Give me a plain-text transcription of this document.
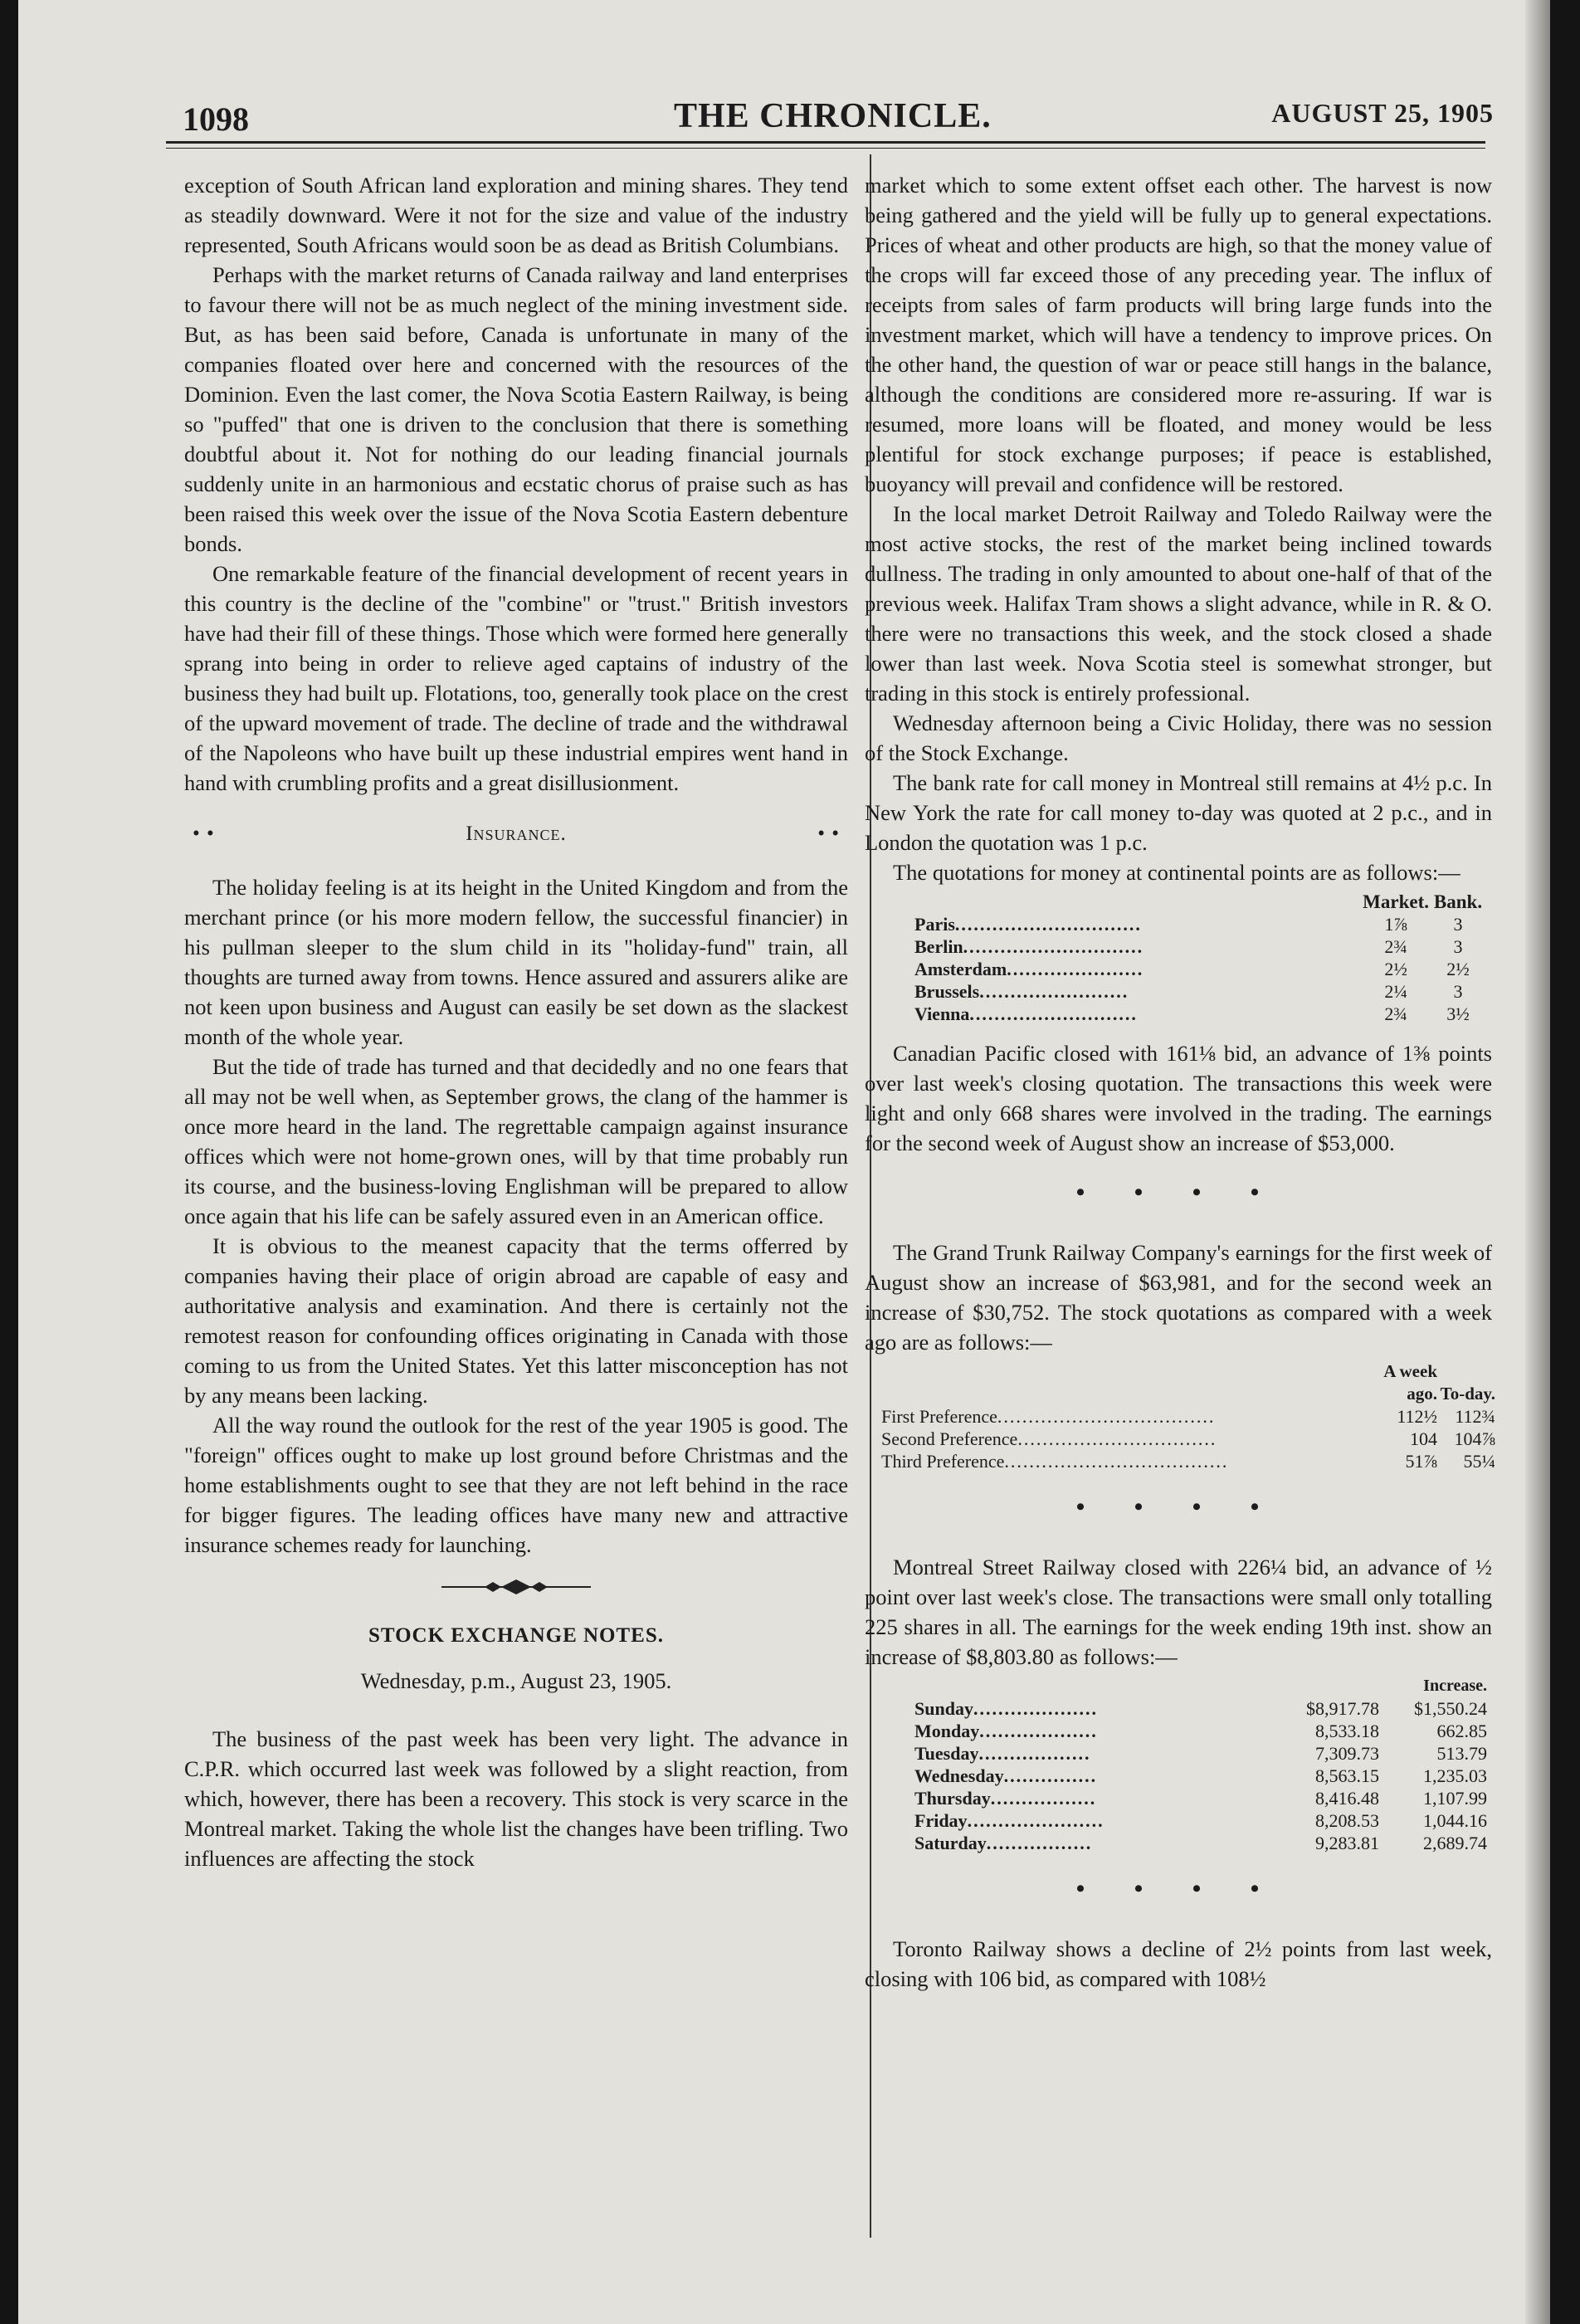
1098	THE CHRONICLE.	AUGUST 25, 1905

exception of South African land exploration and mining shares. They tend as steadily downward. Were it not for the size and value of the industry represented, South Africans would soon be as dead as British Columbians.

Perhaps with the market returns of Canada railway and land enterprises to favour there will not be as much neglect of the mining investment side. But, as has been said before, Canada is unfortunate in many of the companies floated over here and concerned with the resources of the Dominion. Even the last comer, the Nova Scotia Eastern Railway, is being so "puffed" that one is driven to the conclusion that there is something doubtful about it. Not for nothing do our leading financial journals suddenly unite in an harmonious and ecstatic chorus of praise such as has been raised this week over the issue of the Nova Scotia Eastern debenture bonds.

One remarkable feature of the financial development of recent years in this country is the decline of the "combine" or "trust." British investors have had their fill of these things. Those which were formed here generally sprang into being in order to relieve aged captains of industry of the business they had built up. Flotations, too, generally took place on the crest of the upward movement of trade. The decline of trade and the withdrawal of the Napoleons who have built up these industrial empires went hand in hand with crumbling profits and a great disillusionment.

• •	Insurance.	• •

The holiday feeling is at its height in the United Kingdom and from the merchant prince (or his more modern fellow, the successful financier) in his pullman sleeper to the slum child in its "holiday-fund" train, all thoughts are turned away from towns. Hence assured and assurers alike are not keen upon business and August can easily be set down as the slackest month of the whole year.

But the tide of trade has turned and that decidedly and no one fears that all may not be well when, as September grows, the clang of the hammer is once more heard in the land. The regrettable campaign against insurance offices which were not home-grown ones, will by that time probably run its course, and the business-loving Englishman will be prepared to allow once again that his life can be safely assured even in an American office.

It is obvious to the meanest capacity that the terms offerred by companies having their place of origin abroad are capable of easy and authoritative analysis and examination. And there is certainly not the remotest reason for confounding offices originating in Canada with those coming to us from the United States. Yet this latter misconception has not by any means been lacking.

All the way round the outlook for the rest of the year 1905 is good. The "foreign" offices ought to make up lost ground before Christmas and the home establishments ought to see that they are not left behind in the race for bigger figures. The leading offices have many new and attractive insurance schemes ready for launching.

STOCK EXCHANGE NOTES.

Wednesday, p.m., August 23, 1905.

The business of the past week has been very light. The advance in C.P.R. which occurred last week was followed by a slight reaction, from which, however, there has been a recovery. This stock is very scarce in the Montreal market. Taking the whole list the changes have been trifling. Two influences are affecting the stock

market which to some extent offset each other. The harvest is now being gathered and the yield will be fully up to general expectations. Prices of wheat and other products are high, so that the money value of the crops will far exceed those of any preceding year. The influx of receipts from sales of farm products will bring large funds into the investment market, which will have a tendency to improve prices. On the other hand, the question of war or peace still hangs in the balance, although the conditions are considered more re-assuring. If war is resumed, more loans will be floated, and money would be less plentiful for stock exchange purposes; if peace is established, buoyancy will prevail and confidence will be restored.

In the local market Detroit Railway and Toledo Railway were the most active stocks, the rest of the market being inclined towards dullness. The trading in only amounted to about one-half of that of the previous week. Halifax Tram shows a slight advance, while in R. & O. there were no transactions this week, and the stock closed a shade lower than last week. Nova Scotia steel is somewhat stronger, but trading in this stock is entirely professional.

Wednesday afternoon being a Civic Holiday, there was no session of the Stock Exchange.

The bank rate for call money in Montreal still remains at 4½ p.c. In New York the rate for call money to-day was quoted at 2 p.c., and in London the quotation was 1 p.c.

The quotations for money at continental points are as follows:—

	Market.	Bank.
Paris..............................	1⅞	3
Berlin.............................	2¾	3
Amsterdam......................	2½	2½
Brussels........................	2¼	3
Vienna...........................	2¾	3½

Canadian Pacific closed with 161⅛ bid, an advance of 1⅜ points over last week's closing quotation. The transactions this week were light and only 668 shares were involved in the trading. The earnings for the second week of August show an increase of $53,000.

• • • •

The Grand Trunk Railway Company's earnings for the first week of August show an increase of $63,981, and for the second week an increase of $30,752. The stock quotations as compared with a week ago are as follows:—

	A week ago.	To-day.
First Preference...................................	112½	112¾
Second Preference................................	104	104⅞
Third Preference....................................	51⅞	55¼
• • • •

Montreal Street Railway closed with 226¼ bid, an advance of ½ point over last week's close. The transactions were small only totalling 225 shares in all. The earnings for the week ending 19th inst. show an increase of $8,803.80 as follows:—

		Increase.
Sunday....................	$8,917.78	$1,550.24
Monday...................	8,533.18	662.85
Tuesday..................	7,309.73	513.79
Wednesday...............	8,563.15	1,235.03
Thursday.................	8,416.48	1,107.99
Friday......................	8,208.53	1,044.16
Saturday.................	9,283.81	2,689.74
• • • •

Toronto Railway shows a decline of 2½ points from last week, closing with 106 bid, as compared with 108½
